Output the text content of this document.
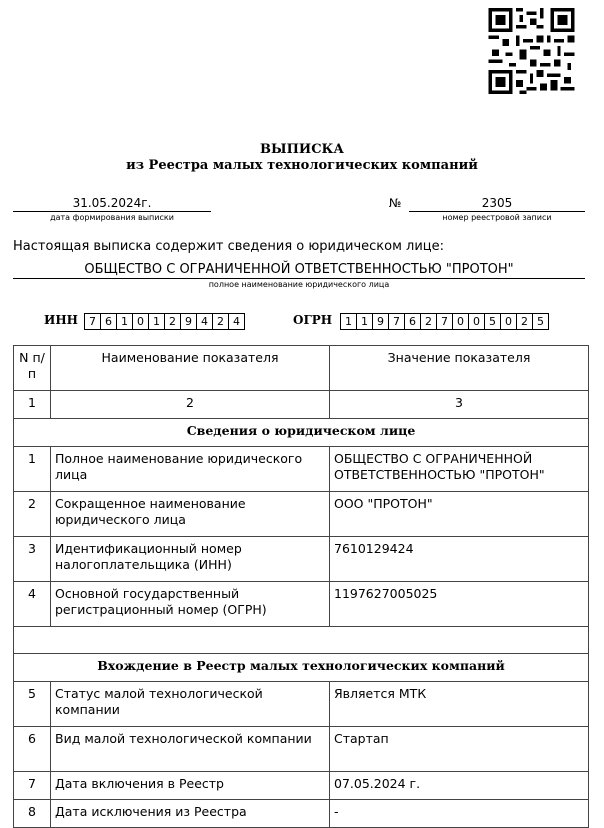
ВЫПИСКА
из Реестра малых технологических компаний
31.05.2024г.
дата формирования выписки
№	2305
номер реестровой записи
Настоящая выписка содержит сведения о юридическом лице:
ОБЩЕСТВО С ОГРАНИЧЕННОЙ ОТВЕТСТВЕННОСТЬЮ "ПРОТОН"
полное наименование юридического лица
ИНН 7 6 1 0 1 2 9 4 2 4	ОГРН	1 1 9 7 6 2 7 0 0 5 0 2 5
N п/п	Наименование показателя	Значение показателя
1	2	3
Сведения о юридическом лице		
1	Полное наименование юридического лица	ОБЩЕСТВО С ОГРАНИЧЕННОЙ ОТВЕТСТВЕННОСТЬЮ "ПРОТОН"
2	Сокращенное наименование юридического лица	ООО "ПРОТОН"
3	Идентификационный номер налогоплательщика (ИНН)	7610129424
4	Основной государственный регистрационный номер (ОГРН)	1197627005025

Вхождение в Реестр малых технологических компаний		
5	Статус малой технологической компании	Является МТК
6	Вид малой технологической компании	Стартап
7	Дата включения в Реестр	07.05.2024 г.
8	Дата исключения из Реестра	-
